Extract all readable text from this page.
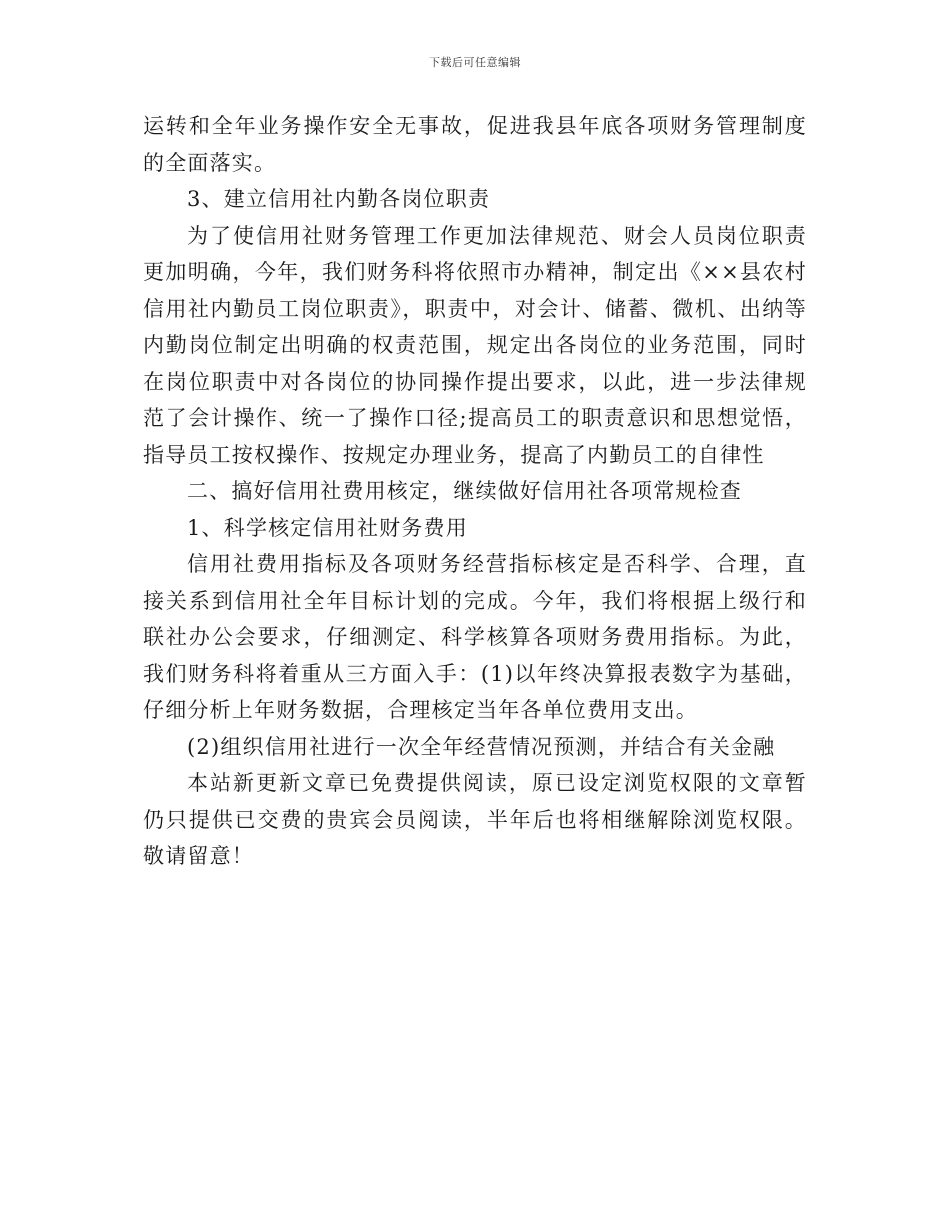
下载后可任意编辑

运转和全年业务操作安全无事故，促进我县年底各项财务管理制度的全面落实。

3、建立信用社内勤各岗位职责

为了使信用社财务管理工作更加法律规范、财会人员岗位职责更加明确，今年，我们财务科将依照市办精神，制定出《××县农村信用社内勤员工岗位职责》，职责中，对会计、储蓄、微机、出纳等内勤岗位制定出明确的权责范围，规定出各岗位的业务范围，同时在岗位职责中对各岗位的协同操作提出要求，以此，进一步法律规范了会计操作、统一了操作口径;提高员工的职责意识和思想觉悟，指导员工按权操作、按规定办理业务，提高了内勤员工的自律性

二、搞好信用社费用核定，继续做好信用社各项常规检查

1、科学核定信用社财务费用

信用社费用指标及各项财务经营指标核定是否科学、合理，直接关系到信用社全年目标计划的完成。今年，我们将根据上级行和联社办公会要求，仔细测定、科学核算各项财务费用指标。为此，我们财务科将着重从三方面入手：(1)以年终决算报表数字为基础，仔细分析上年财务数据，合理核定当年各单位费用支出。

(2)组织信用社进行一次全年经营情况预测，并结合有关金融

本站新更新文章已免费提供阅读，原已设定浏览权限的文章暂仍只提供已交费的贵宾会员阅读，半年后也将相继解除浏览权限。敬请留意！
